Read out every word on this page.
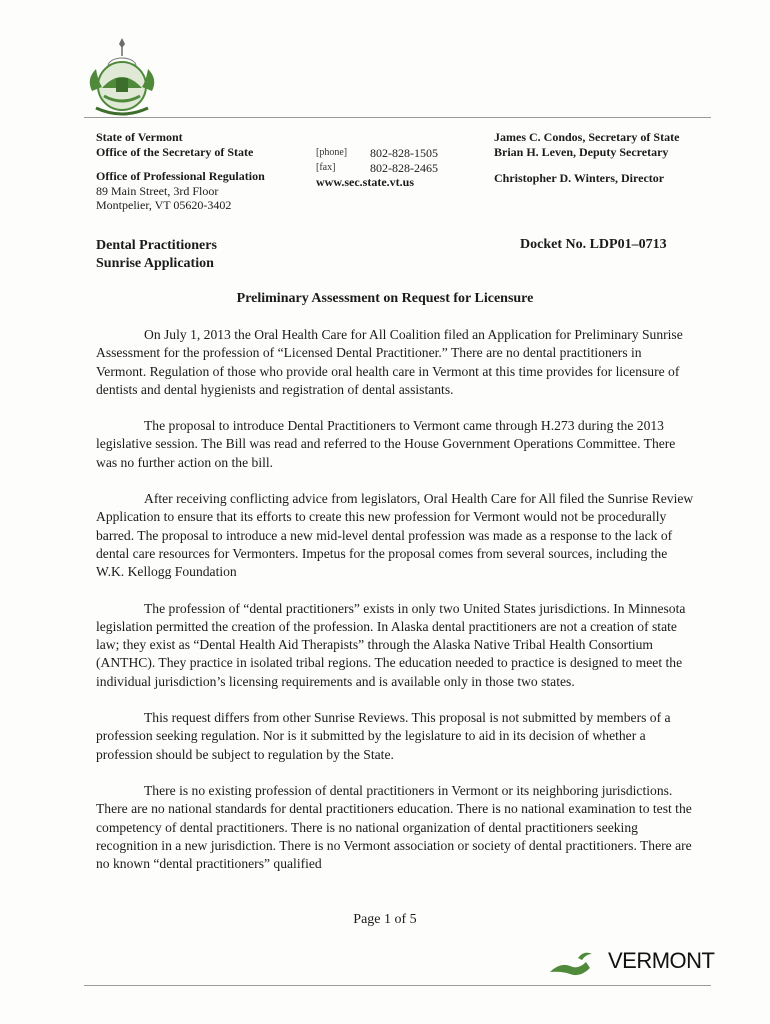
State of Vermont
Office of the Secretary of State
Office of Professional Regulation
89 Main Street, 3rd Floor
Montpelier, VT 05620-3402
[phone]	802-828-1505
[fax]	802-828-2465
www.sec.state.vt.us
James C. Condos, Secretary of State
Brian H. Leven, Deputy Secretary
Christopher D. Winters, Director
Dental Practitioners
Sunrise Application
Docket No. LDP01–0713
Preliminary Assessment on Request for Licensure

On July 1, 2013 the Oral Health Care for All Coalition filed an Application for Preliminary Sunrise Assessment for the profession of “Licensed Dental Practitioner.” There are no dental practitioners in Vermont. Regulation of those who provide oral health care in Vermont at this time provides for licensure of dentists and dental hygienists and registration of dental assistants.

The proposal to introduce Dental Practitioners to Vermont came through H.273 during the 2013 legislative session. The Bill was read and referred to the House Government Operations Committee. There was no further action on the bill.

After receiving conflicting advice from legislators, Oral Health Care for All filed the Sunrise Review Application to ensure that its efforts to create this new profession for Vermont would not be procedurally barred. The proposal to introduce a new mid-level dental profession was made as a response to the lack of dental care resources for Vermonters. Impetus for the proposal comes from several sources, including the W.K. Kellogg Foundation

The profession of “dental practitioners” exists in only two United States jurisdictions. In Minnesota legislation permitted the creation of the profession. In Alaska dental practitioners are not a creation of state law; they exist as “Dental Health Aid Therapists” through the Alaska Native Tribal Health Consortium (ANTHC). They practice in isolated tribal regions. The education needed to practice is designed to meet the individual jurisdiction’s licensing requirements and is available only in those two states.

This request differs from other Sunrise Reviews. This proposal is not submitted by members of a profession seeking regulation. Nor is it submitted by the legislature to aid in its decision of whether a profession should be subject to regulation by the State.

There is no existing profession of dental practitioners in Vermont or its neighboring jurisdictions. There are no national standards for dental practitioners education. There is no national examination to test the competency of dental practitioners. There is no national organization of dental practitioners seeking recognition in a new jurisdiction. There is no Vermont association or society of dental practitioners. There are no known “dental practitioners” qualified

Page 1 of 5
VERMONT
